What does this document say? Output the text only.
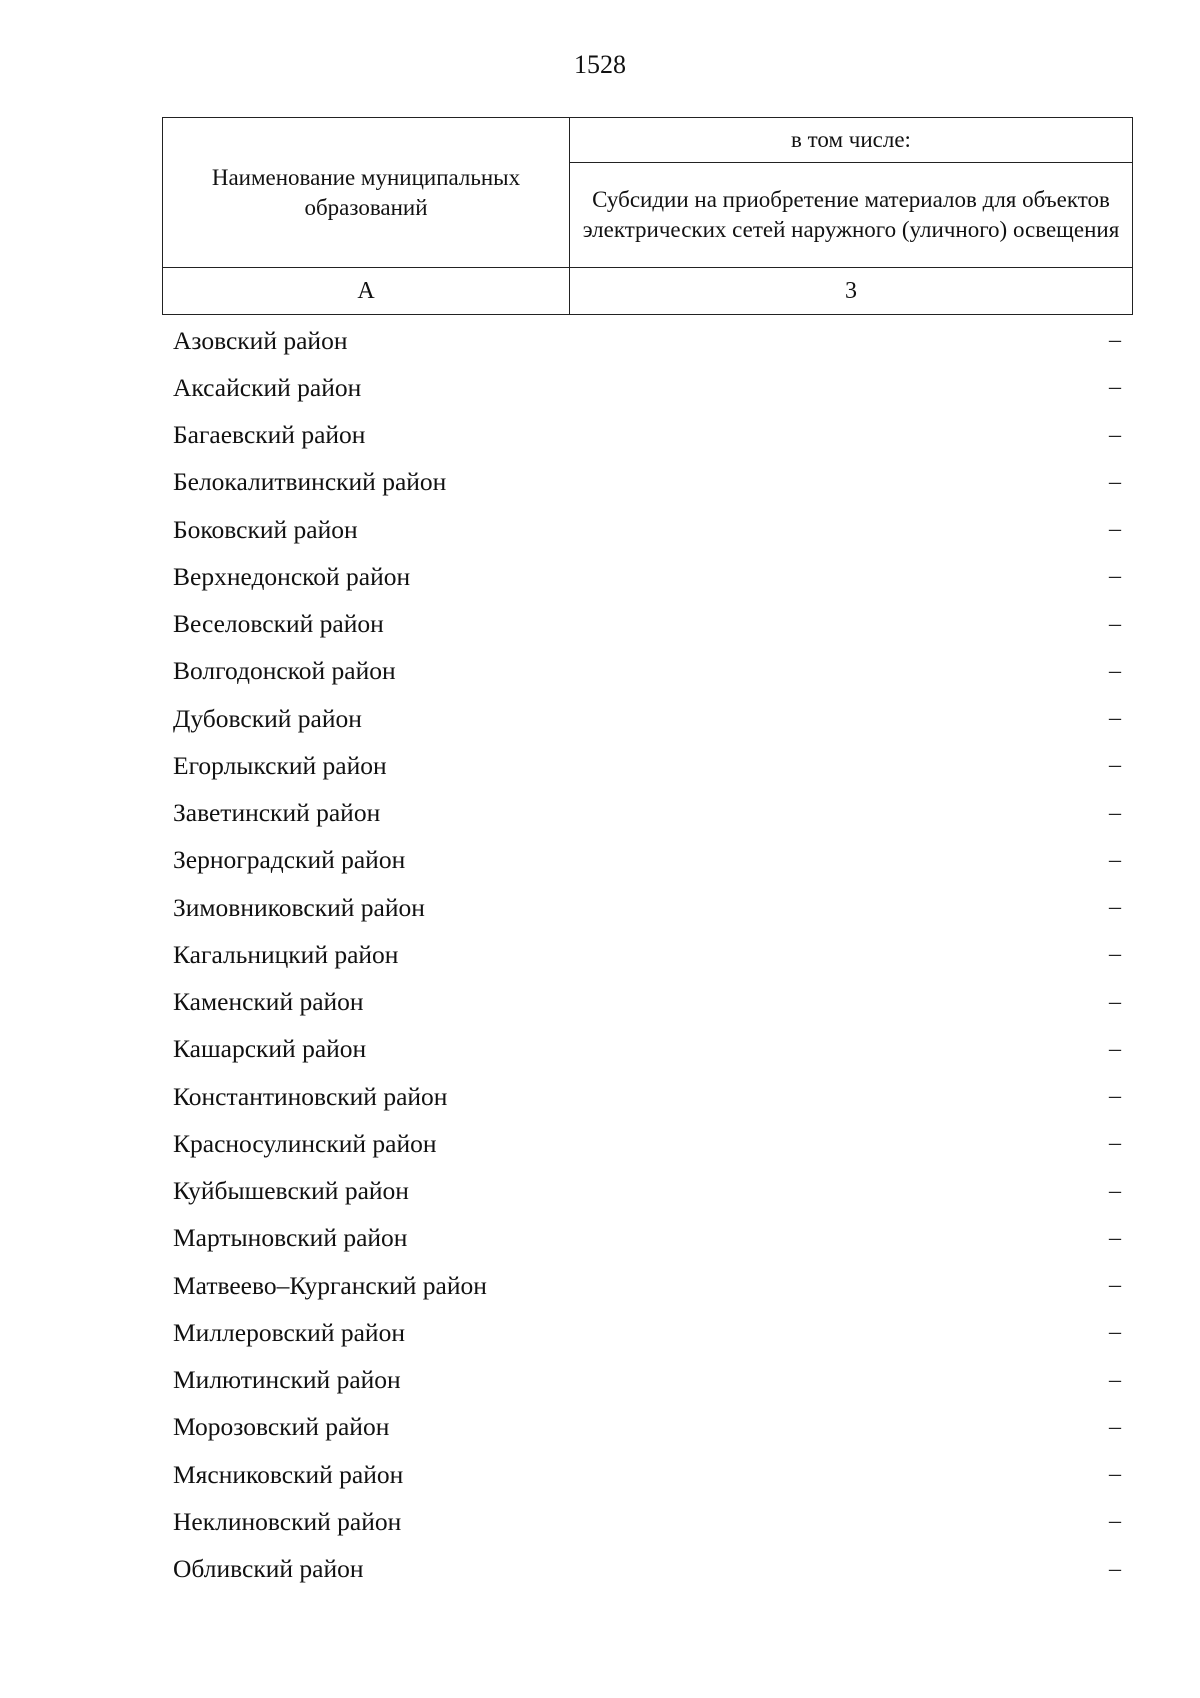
1528
Наименование муниципальных образований	в том числе:
	Субсидии на приобретение материалов для объектов электрических сетей наружного (уличного) освещения
А	3
Азовский район	–
Аксайский район	–
Багаевский район	–
Белокалитвинский район	–
Боковский район	–
Верхнедонской район	–
Веселовский район	–
Волгодонской район	–
Дубовский район	–
Егорлыкский район	–
Заветинский район	–
Зерноградский район	–
Зимовниковский район	–
Кагальницкий район	–
Каменский район	–
Кашарский район	–
Константиновский район	–
Красносулинский район	–
Куйбышевский район	–
Мартыновский район	–
Матвеево–Курганский район	–
Миллеровский район	–
Милютинский район	–
Морозовский район	–
Мясниковский район	–
Неклиновский район	–
Обливский район	–
